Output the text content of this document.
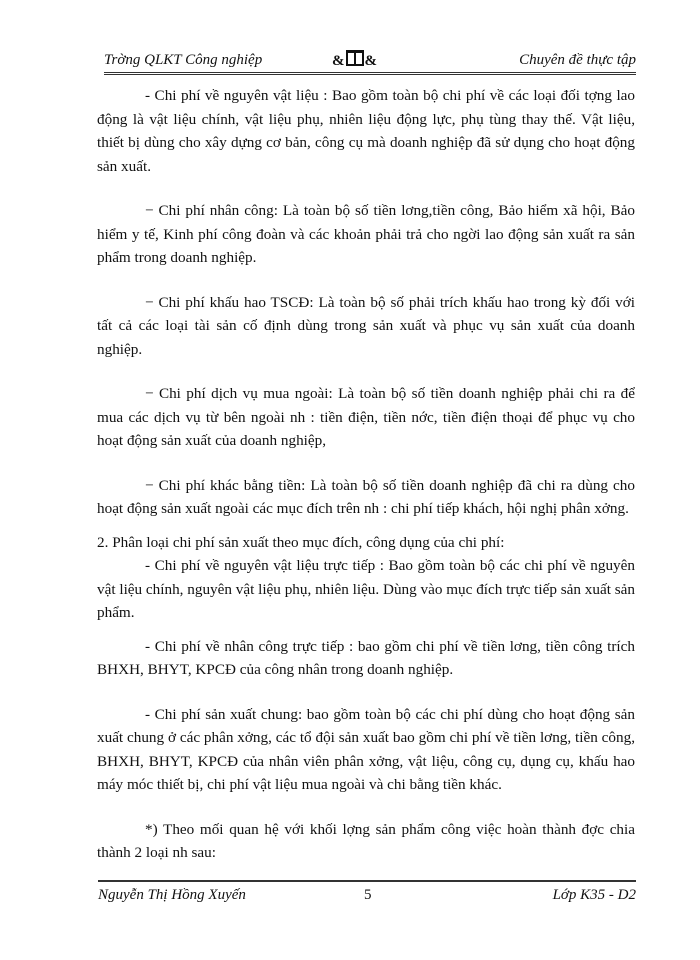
Trờng QLKT Công nghiệp	& &	Chuyên đề thực tập

- Chi phí về nguyên vật liệu : Bao gồm toàn bộ chi phí về các loại đối tợng lao động là vật liệu chính, vật liệu phụ, nhiên liệu động lực, phụ tùng thay thế. Vật liệu, thiết bị dùng cho xây dựng cơ bản, công cụ mà doanh nghiệp đã sử dụng cho hoạt động sản xuất.

− Chi phí nhân công: Là toàn bộ số tiền lơng,tiền công, Bảo hiểm xã hội, Bảo hiểm y tế, Kinh phí công đoàn và các khoản phải trả cho ngời lao động sản xuất ra sản phẩm trong doanh nghiệp.

− Chi phí khấu hao TSCĐ: Là toàn bộ số phải trích khấu hao trong kỳ đối với tất cả các loại tài sản cố định dùng trong sản xuất và phục vụ sản xuất của doanh nghiệp.

− Chi phí dịch vụ mua ngoài: Là toàn bộ số tiền doanh nghiệp phải chi ra để mua các dịch vụ từ bên ngoài nh : tiền điện, tiền nớc, tiền điện thoại để phục vụ cho hoạt động sản xuất của doanh nghiệp,

− Chi phí khác bằng tiền: Là toàn bộ số tiền doanh nghiệp đã chi ra dùng cho hoạt động sản xuất ngoài các mục đích trên nh : chi phí tiếp khách, hội nghị phân xởng.

2. Phân loại chi phí sản xuất theo mục đích, công dụng của chi phí:

- Chi phí về nguyên vật liệu trực tiếp : Bao gồm toàn bộ các chi phí về nguyên vật liệu chính, nguyên vật liệu phụ, nhiên liệu. Dùng vào mục đích trực tiếp sản xuất sản phẩm.

- Chi phí về nhân công trực tiếp : bao gồm chi phí về tiền lơng, tiền công trích BHXH, BHYT, KPCĐ của công nhân trong doanh nghiệp.

- Chi phí sản xuất chung: bao gồm toàn bộ các chi phí dùng cho hoạt động sản xuất chung ở các phân xởng, các tổ đội sản xuất bao gồm chi phí về tiền lơng, tiền công, BHXH, BHYT, KPCĐ của nhân viên phân xởng, vật liệu, công cụ, dụng cụ, khấu hao máy móc thiết bị, chi phí vật liệu mua ngoài và chi bằng tiền khác.

*) Theo mối quan hệ với khối lợng sản phẩm công việc hoàn thành đợc chia thành 2 loại nh sau:

Nguyễn Thị Hồng Xuyến	5	Lớp K35 - D2
